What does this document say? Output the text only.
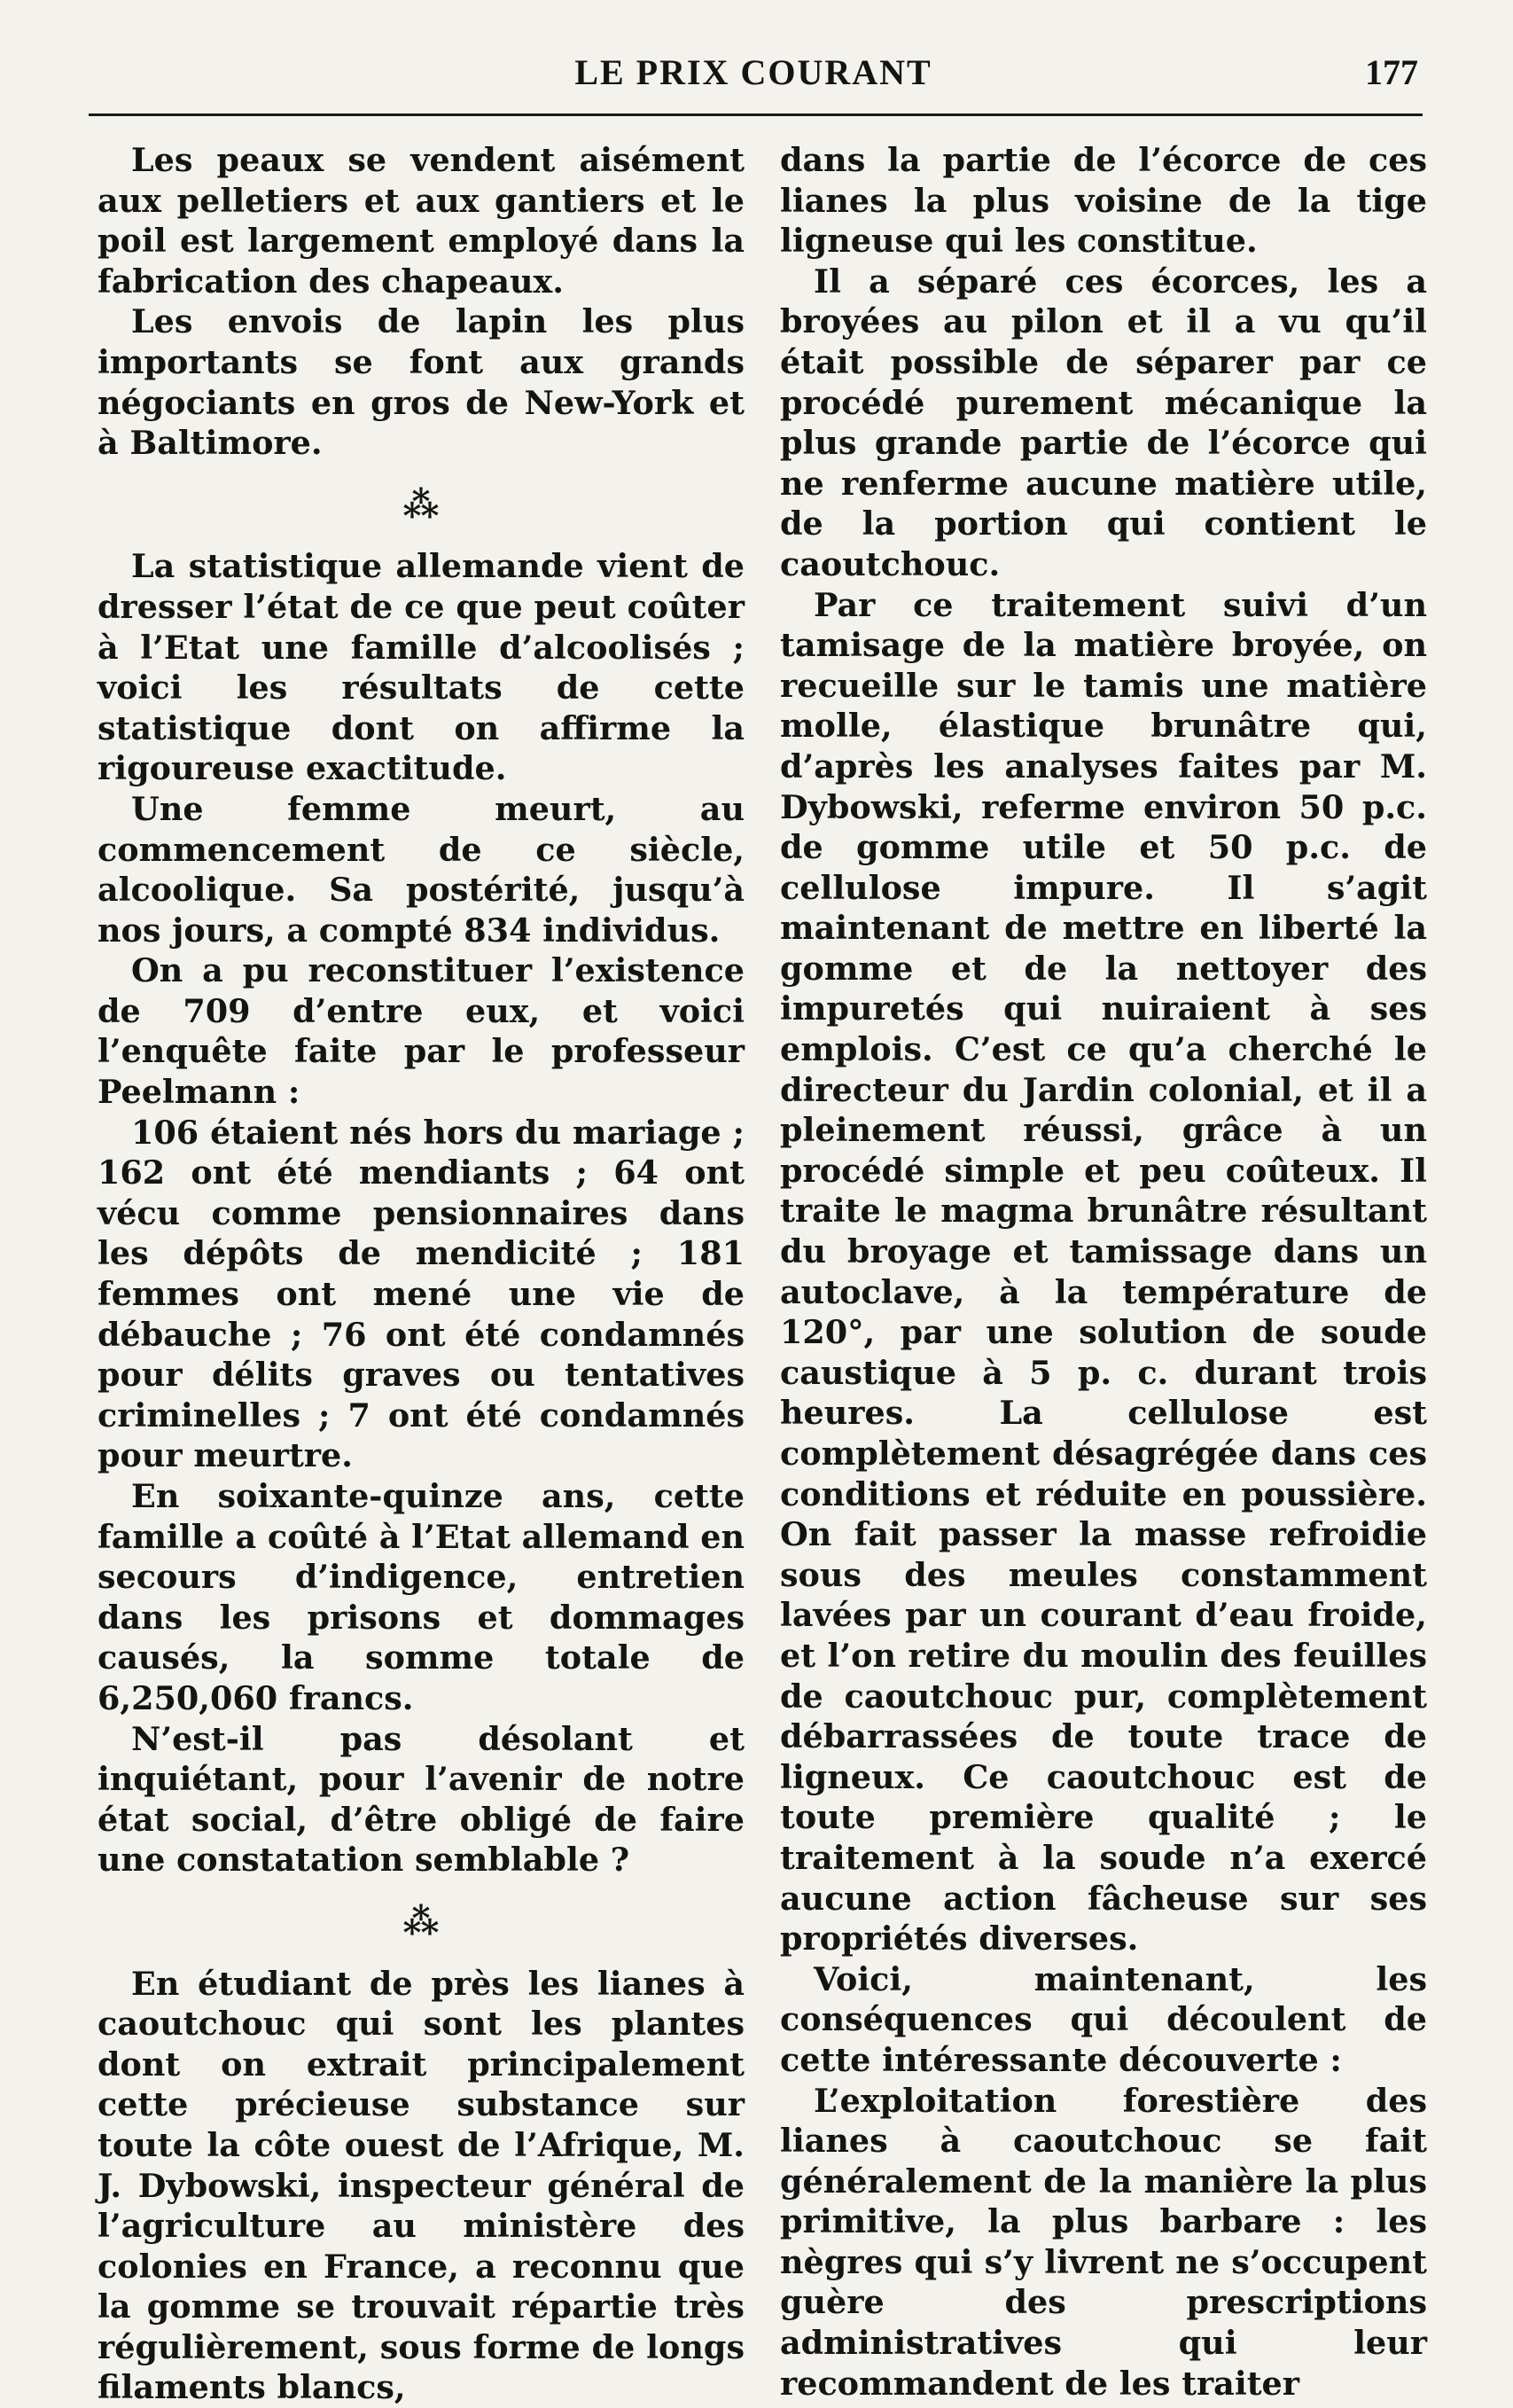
LE PRIX COURANT	177

Les peaux se vendent aisément aux pelletiers et aux gantiers et le poil est largement employé dans la fabrication des chapeaux.

Les envois de lapin les plus importants se font aux grands négociants en gros de New-York et à Baltimore.

⁂

La statistique allemande vient de dresser l’état de ce que peut coûter à l’Etat une famille d’alcoolisés ; voici les résultats de cette statistique dont on affirme la rigoureuse exactitude.

Une femme meurt, au commencement de ce siècle, alcoolique. Sa postérité, jusqu’à nos jours, a compté 834 individus.

On a pu reconstituer l’existence de 709 d’entre eux, et voici l’enquête faite par le professeur Peelmann :

106 étaient nés hors du mariage ; 162 ont été mendiants ; 64 ont vécu comme pensionnaires dans les dépôts de mendicité ; 181 femmes ont mené une vie de débauche ; 76 ont été condamnés pour délits graves ou tentatives criminelles ; 7 ont été condamnés pour meurtre.

En soixante-quinze ans, cette famille a coûté à l’Etat allemand en secours d’indigence, entretien dans les prisons et dommages causés, la somme totale de 6,250,060 francs.

N’est-il pas désolant et inquiétant, pour l’avenir de notre état social, d’être obligé de faire une constatation semblable ?

⁂

En étudiant de près les lianes à caoutchouc qui sont les plantes dont on extrait principalement cette précieuse substance sur toute la côte ouest de l’Afrique, M. J. Dybowski, inspecteur général de l’agriculture au ministère des colonies en France, a reconnu que la gomme se trouvait répartie très régulièrement, sous forme de longs filaments blancs,

dans la partie de l’écorce de ces lianes la plus voisine de la tige ligneuse qui les constitue.

Il a séparé ces écorces, les a broyées au pilon et il a vu qu’il était possible de séparer par ce procédé purement mécanique la plus grande partie de l’écorce qui ne renferme aucune matière utile, de la portion qui contient le caoutchouc.

Par ce traitement suivi d’un tamisage de la matière broyée, on recueille sur le tamis une matière molle, élastique brunâtre qui, d’après les analyses faites par M. Dybowski, referme environ 50 p.c. de gomme utile et 50 p.c. de cellulose impure. Il s’agit maintenant de mettre en liberté la gomme et de la nettoyer des impuretés qui nuiraient à ses emplois. C’est ce qu’a cherché le directeur du Jardin colonial, et il a pleinement réussi, grâce à un procédé simple et peu coûteux. Il traite le magma brunâtre résultant du broyage et tamissage dans un autoclave, à la température de 120°, par une solution de soude caustique à 5 p. c. durant trois heures. La cellulose est complètement désagrégée dans ces conditions et réduite en poussière. On fait passer la masse refroidie sous des meules constamment lavées par un courant d’eau froide, et l’on retire du moulin des feuilles de caoutchouc pur, complètement débarrassées de toute trace de ligneux. Ce caoutchouc est de toute première qualité ; le traitement à la soude n’a exercé aucune action fâcheuse sur ses propriétés diverses.

Voici, maintenant, les conséquences qui découlent de cette intéressante découverte :

L’exploitation forestière des lianes à caoutchouc se fait généralement de la manière la plus primitive, la plus barbare : les nègres qui s’y livrent ne s’occupent guère des prescriptions administratives qui leur recommandent de les traiter
